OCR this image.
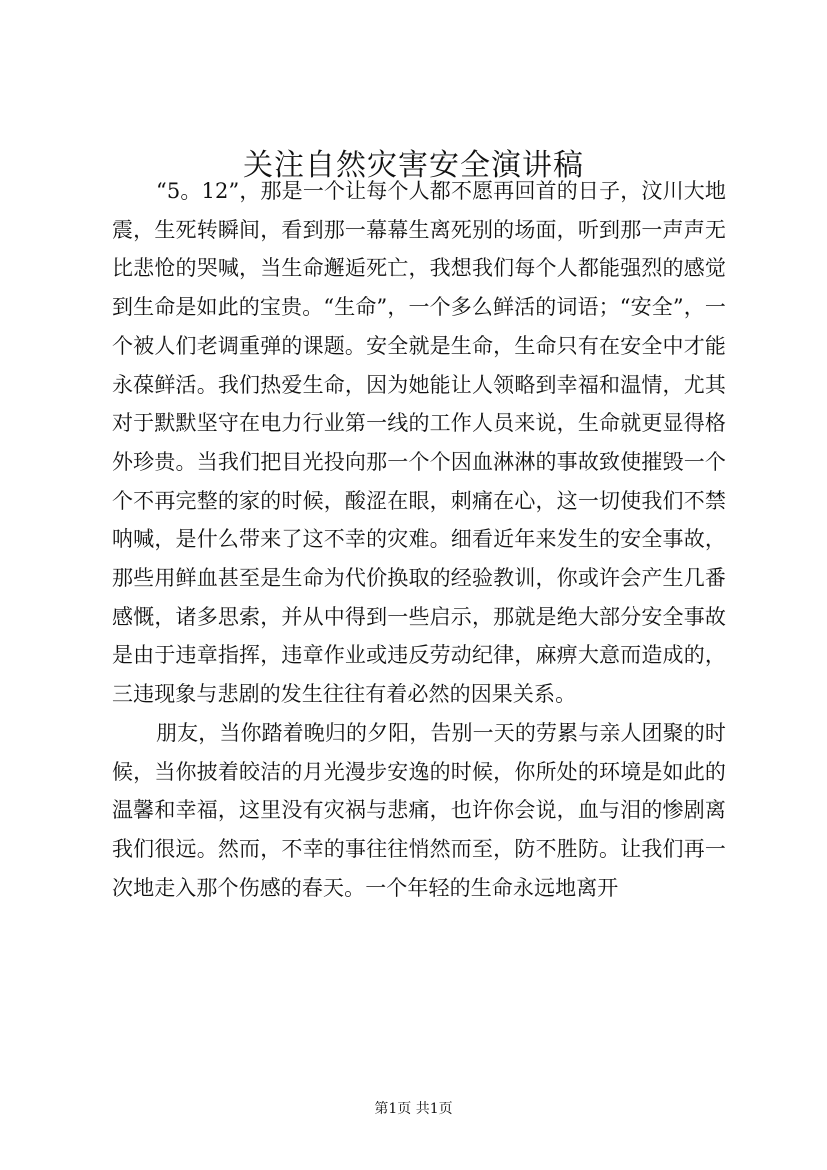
关注自然灾害安全演讲稿

“5。12”，那是一个让每个人都不愿再回首的日子，汶川大地震，生死转瞬间，看到那一幕幕生离死别的场面，听到那一声声无比悲怆的哭喊，当生命邂逅死亡，我想我们每个人都能强烈的感觉到生命是如此的宝贵。“生命”，一个多么鲜活的词语；“安全”，一个被人们老调重弹的课题。安全就是生命，生命只有在安全中才能永葆鲜活。我们热爱生命，因为她能让人领略到幸福和温情，尤其对于默默坚守在电力行业第一线的工作人员来说，生命就更显得格外珍贵。当我们把目光投向那一个个因血淋淋的事故致使摧毁一个个不再完整的家的时候，酸涩在眼，刺痛在心，这一切使我们不禁呐喊，是什么带来了这不幸的灾难。细看近年来发生的安全事故，那些用鲜血甚至是生命为代价换取的经验教训，你或许会产生几番感慨，诸多思索，并从中得到一些启示，那就是绝大部分安全事故是由于违章指挥，违章作业或违反劳动纪律，麻痹大意而造成的，三违现象与悲剧的发生往往有着必然的因果关系。

朋友，当你踏着晚归的夕阳，告别一天的劳累与亲人团聚的时候，当你披着皎洁的月光漫步安逸的时候，你所处的环境是如此的温馨和幸福，这里没有灾祸与悲痛，也许你会说，血与泪的惨剧离我们很远。然而，不幸的事往往悄然而至，防不胜防。让我们再一次地走入那个伤感的春天。一个年轻的生命永远地离开

第1页 共1页
